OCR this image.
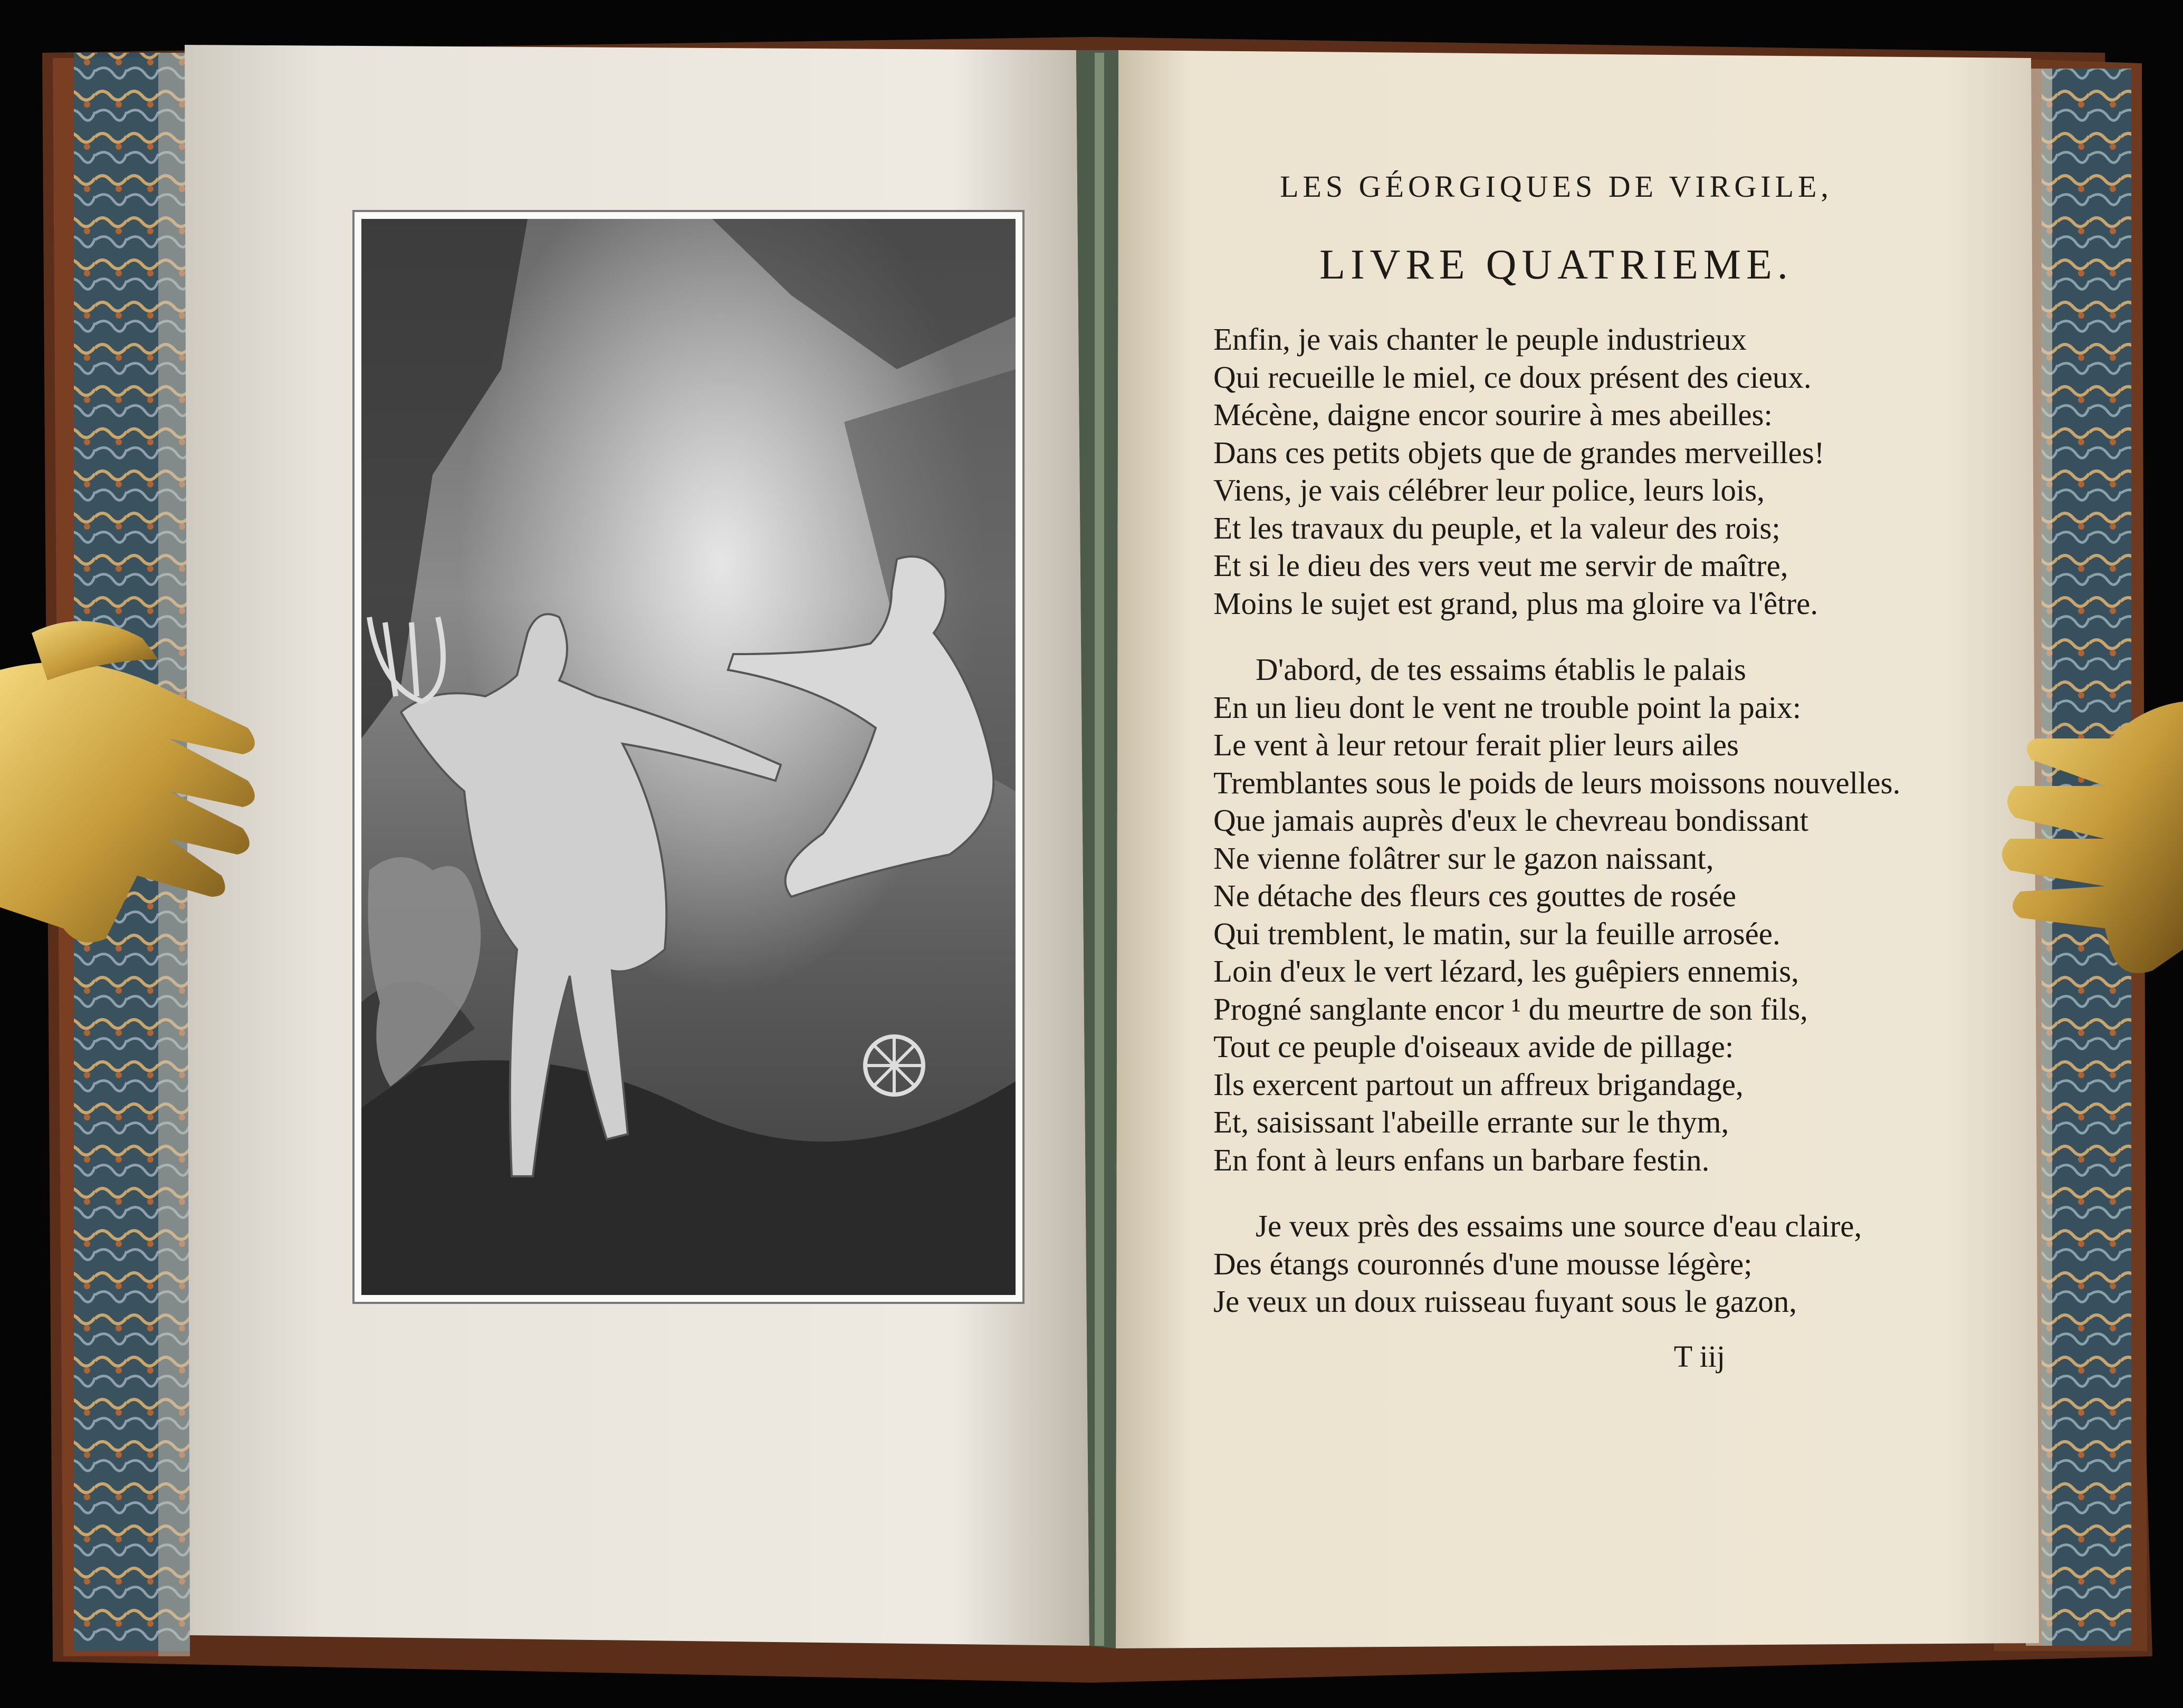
LES GÉORGIQUES DE VIRGILE,
LIVRE QUATRIEME.

Enfin, je vais chanter le peuple industrieux

Qui recueille le miel, ce doux présent des cieux.

Mécène, daigne encor sourire à mes abeilles:

Dans ces petits objets que de grandes merveilles!

Viens, je vais célébrer leur police, leurs lois,

Et les travaux du peuple, et la valeur des rois;

Et si le dieu des vers veut me servir de maître,

Moins le sujet est grand, plus ma gloire va l'être.

D'abord, de tes essaims établis le palais

En un lieu dont le vent ne trouble point la paix:

Le vent à leur retour ferait plier leurs ailes

Tremblantes sous le poids de leurs moissons nouvelles.

Que jamais auprès d'eux le chevreau bondissant

Ne vienne folâtrer sur le gazon naissant,

Ne détache des fleurs ces gouttes de rosée

Qui tremblent, le matin, sur la feuille arrosée.

Loin d'eux le vert lézard, les guêpiers ennemis,

Progné sanglante encor ¹ du meurtre de son fils,

Tout ce peuple d'oiseaux avide de pillage:

Ils exercent partout un affreux brigandage,

Et, saisissant l'abeille errante sur le thym,

En font à leurs enfans un barbare festin.

Je veux près des essaims une source d'eau claire,

Des étangs couronnés d'une mousse légère;

Je veux un doux ruisseau fuyant sous le gazon,

T iij
